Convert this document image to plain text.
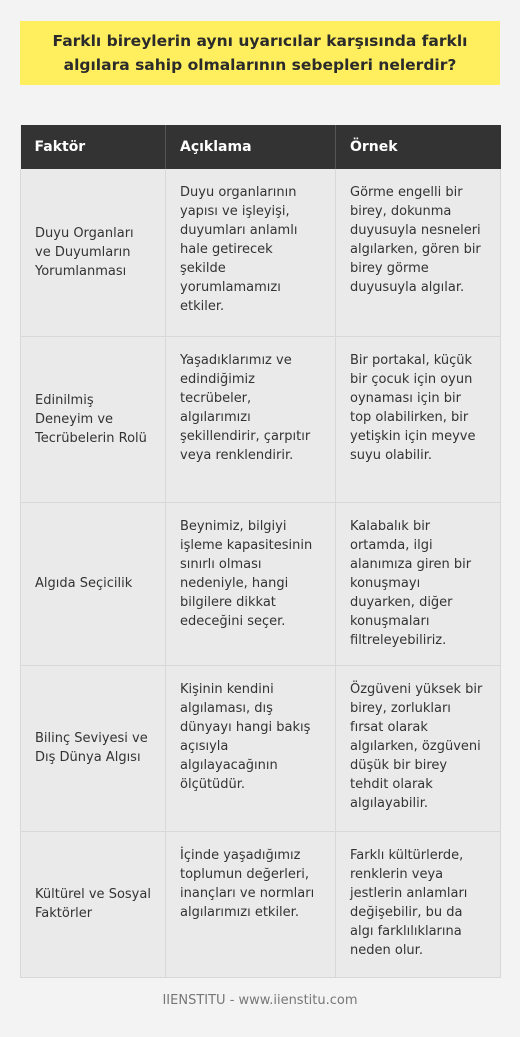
Farklı bireylerin aynı uyarıcılar karşısında farklı algılara sahip olmalarının sebepleri nelerdir?
Faktör	Açıklama	Örnek
Duyu Organları ve Duyumların Yorumlanması	Duyu organlarının yapısı ve işleyişi, duyumları anlamlı hale getirecek şekilde yorumlamamızı etkiler.	Görme engelli bir birey, dokunma duyusuyla nesneleri algılarken, gören bir birey görme duyusuyla algılar.
Edinilmiş Deneyim ve Tecrübelerin Rolü	Yaşadıklarımız ve edindiğimiz tecrübeler, algılarımızı şekillendirir, çarpıtır veya renklendirir.	Bir portakal, küçük bir çocuk için oyun oynaması için bir top olabilirken, bir yetişkin için meyve suyu olabilir.
Algıda Seçicilik	Beynimiz, bilgiyi işleme kapasitesinin sınırlı olması nedeniyle, hangi bilgilere dikkat edeceğini seçer.	Kalabalık bir ortamda, ilgi alanımıza giren bir konuşmayı duyarken, diğer konuşmaları filtreleyebiliriz.
Bilinç Seviyesi ve Dış Dünya Algısı	Kişinin kendini algılaması, dış dünyayı hangi bakış açısıyla algılayacağının ölçütüdür.	Özgüveni yüksek bir birey, zorlukları fırsat olarak algılarken, özgüveni düşük bir birey tehdit olarak algılayabilir.
Kültürel ve Sosyal Faktörler	İçinde yaşadığımız toplumun değerleri, inançları ve normları algılarımızı etkiler.	Farklı kültürlerde, renklerin veya jestlerin anlamları değişebilir, bu da algı farklılıklarına neden olur.
IIENSTITU - www.iienstitu.com
